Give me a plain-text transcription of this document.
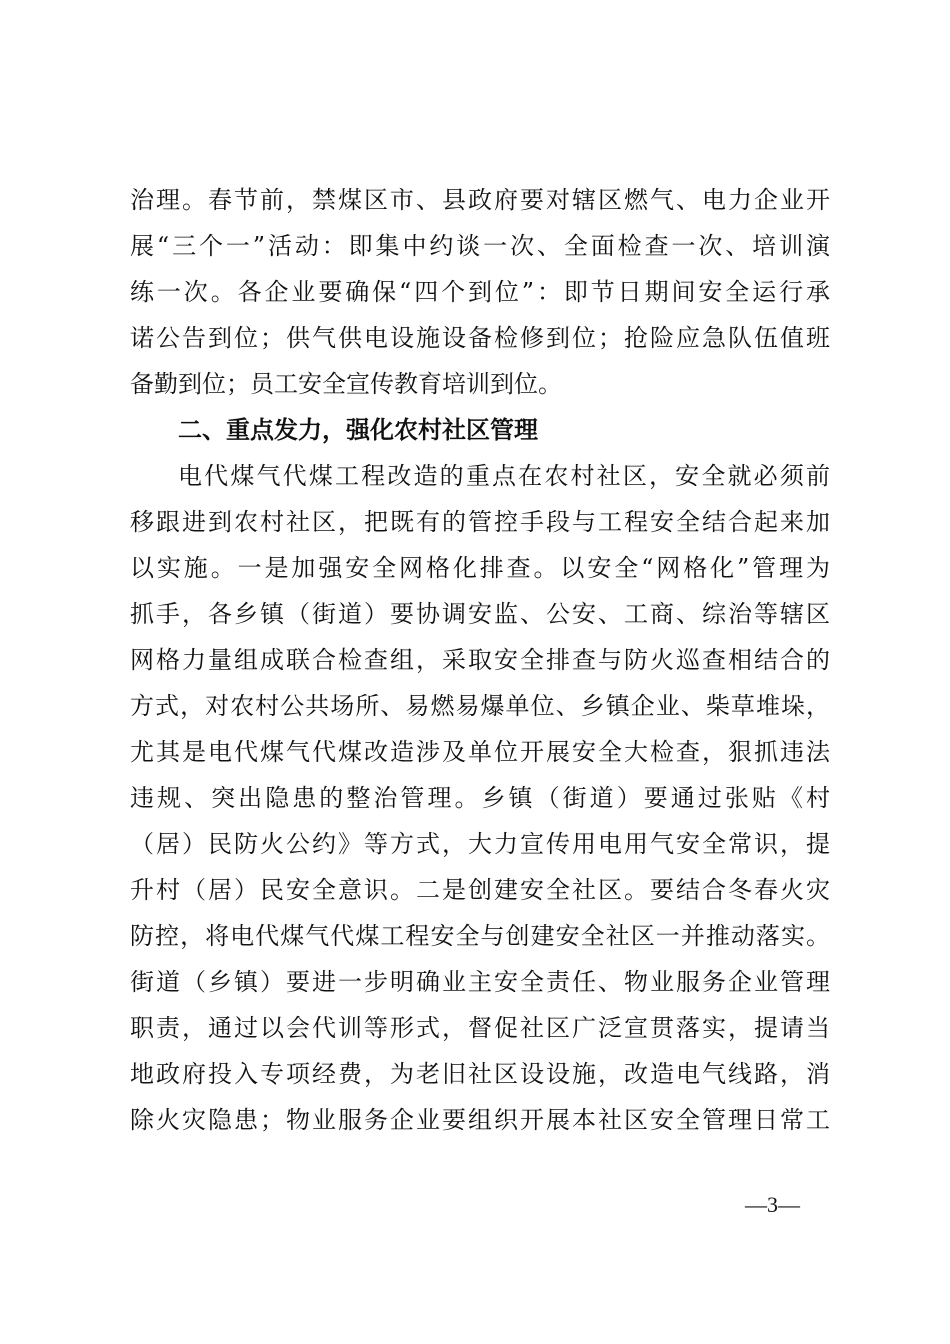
治理。春节前，禁煤区市、县政府要对辖区燃气、电力企业开
展“三个一”活动：即集中约谈一次、全面检查一次、培训演
练一次。各企业要确保“四个到位”：即节日期间安全运行承
诺公告到位；供气供电设施设备检修到位；抢险应急队伍值班
备勤到位；员工安全宣传教育培训到位。
二、重点发力，强化农村社区管理
电代煤气代煤工程改造的重点在农村社区，安全就必须前
移跟进到农村社区，把既有的管控手段与工程安全结合起来加
以实施。一是加强安全网格化排查。以安全“网格化”管理为
抓手，各乡镇（街道）要协调安监、公安、工商、综治等辖区
网格力量组成联合检查组，采取安全排查与防火巡查相结合的
方式，对农村公共场所、易燃易爆单位、乡镇企业、柴草堆垛，
尤其是电代煤气代煤改造涉及单位开展安全大检查，狠抓违法
违规、突出隐患的整治管理。乡镇（街道）要通过张贴《村
（居）民防火公约》等方式，大力宣传用电用气安全常识，提
升村（居）民安全意识。二是创建安全社区。要结合冬春火灾
防控，将电代煤气代煤工程安全与创建安全社区一并推动落实。
街道（乡镇）要进一步明确业主安全责任、物业服务企业管理
职责，通过以会代训等形式，督促社区广泛宣贯落实，提请当
地政府投入专项经费，为老旧社区设设施，改造电气线路，消
除火灾隐患；物业服务企业要组织开展本社区安全管理日常工
—3—
